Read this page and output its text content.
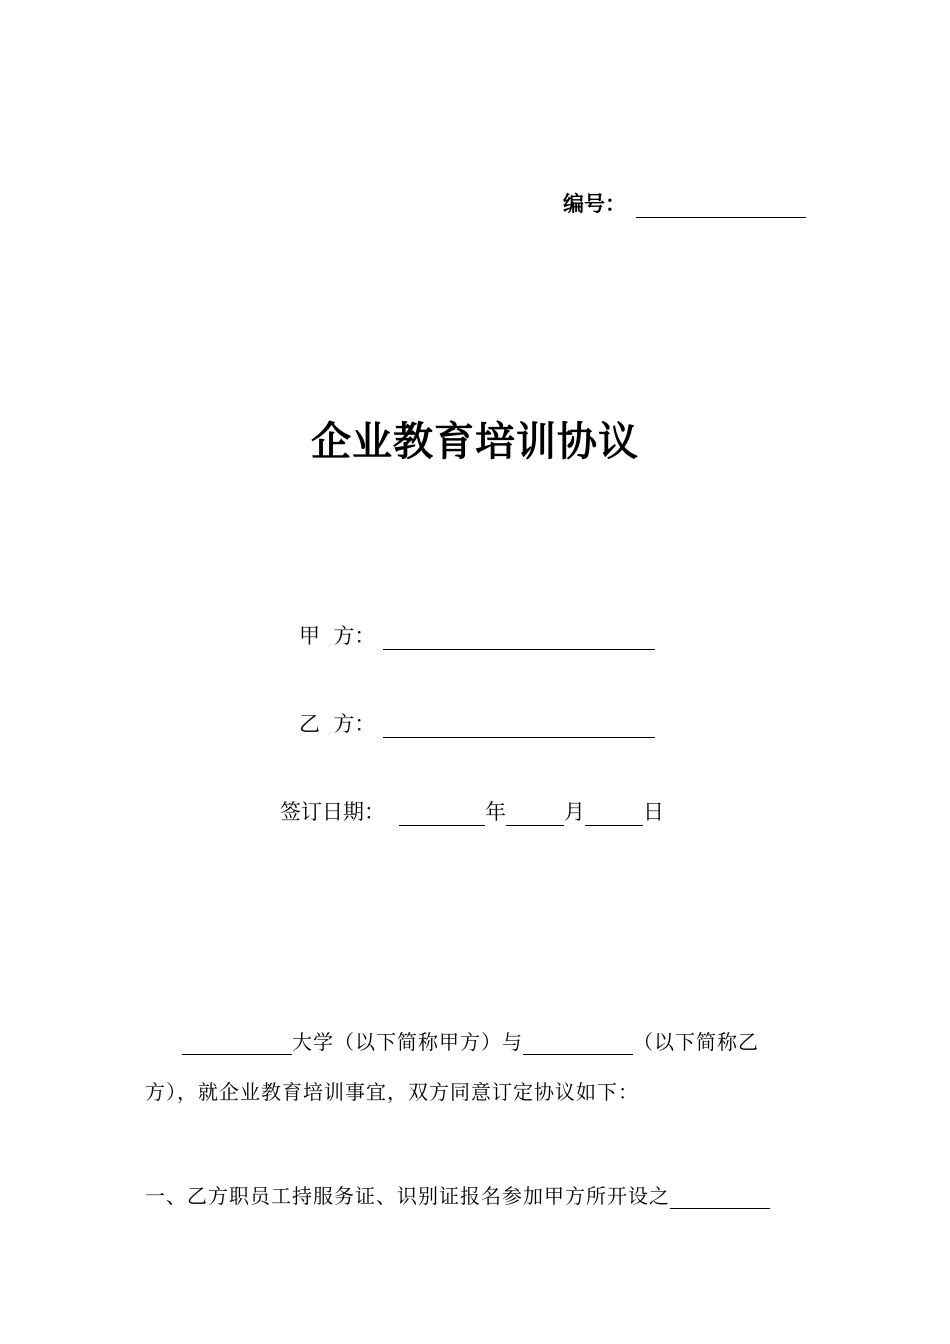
编号：
企业教育培训协议
甲  方：
乙  方：
签订日期：	年	月	日
大学（以下简称甲方）与	（以下简称乙
方），就企业教育培训事宜，双方同意订定协议如下：
一、乙方职员工持服务证、识别证报名参加甲方所开设之
